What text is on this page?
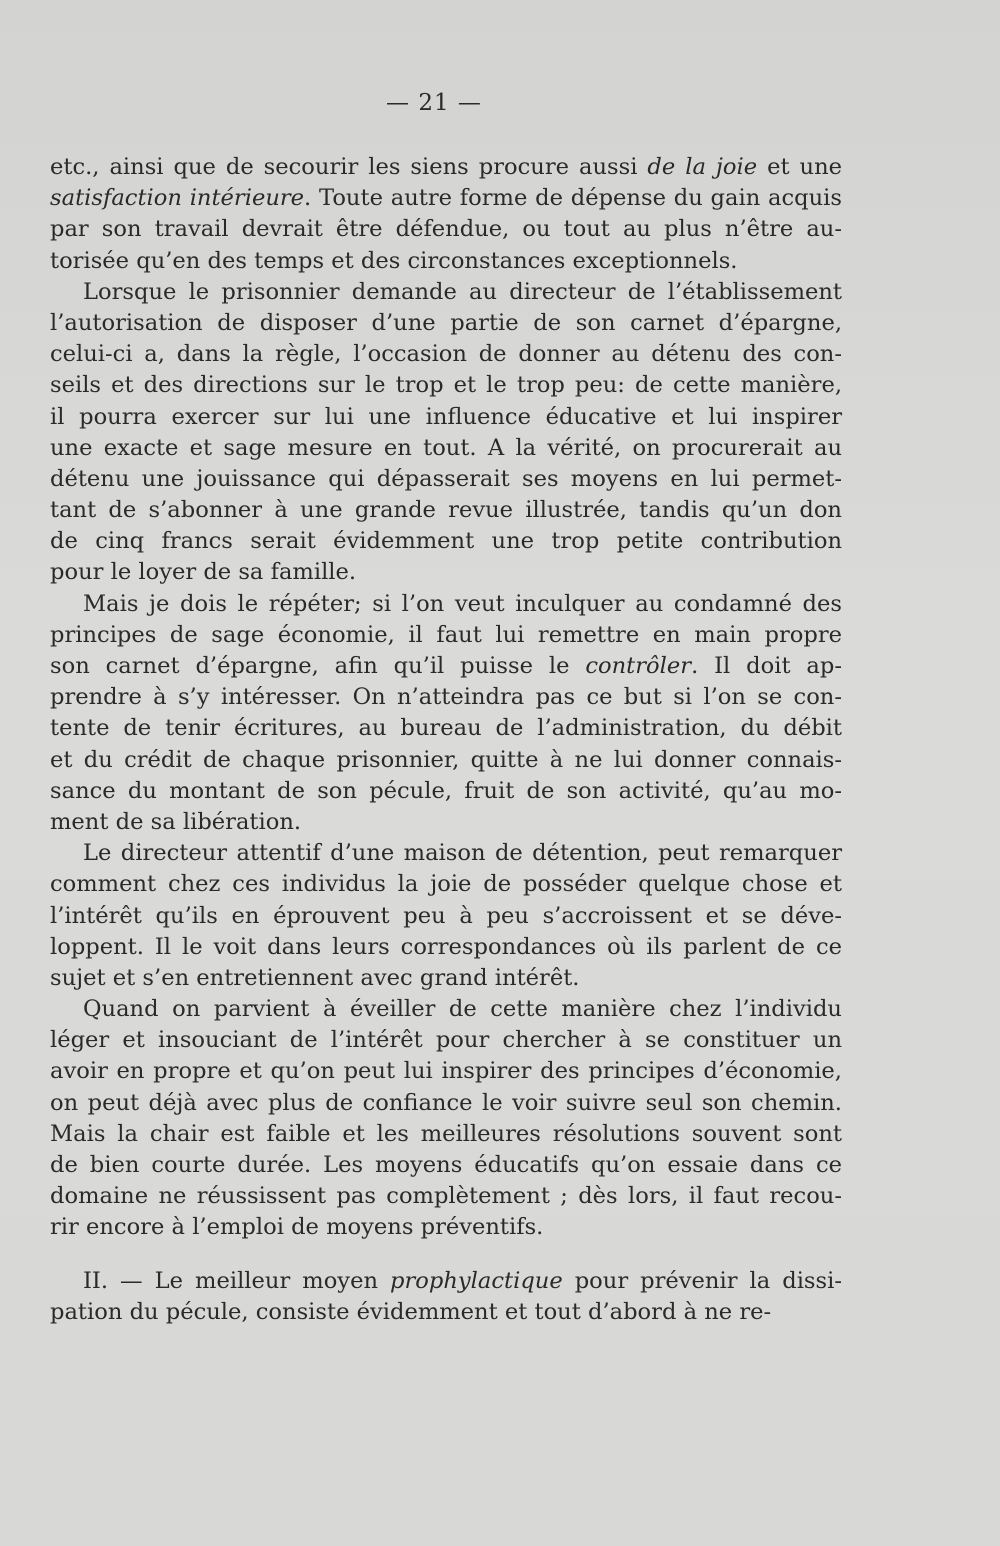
— 21 —
etc., ainsi que de secourir les siens procure aussi de la joie et une
satisfaction intérieure. Toute autre forme de dépense du gain acquis
par son travail devrait être défendue, ou tout au plus n’être au-
torisée qu’en des temps et des circonstances exceptionnels.
Lorsque le prisonnier demande au directeur de l’établissement
l’autorisation de disposer d’une partie de son carnet d’épargne,
celui-ci a, dans la règle, l’occasion de donner au détenu des con-
seils et des directions sur le trop et le trop peu: de cette manière,
il pourra exercer sur lui une influence éducative et lui inspirer
une exacte et sage mesure en tout. A la vérité, on procurerait au
détenu une jouissance qui dépasserait ses moyens en lui permet-
tant de s’abonner à une grande revue illustrée, tandis qu’un don
de cinq francs serait évidemment une trop petite contribution
pour le loyer de sa famille.
Mais je dois le répéter; si l’on veut inculquer au condamné des
principes de sage économie, il faut lui remettre en main propre
son carnet d’épargne, afin qu’il puisse le contrôler. Il doit ap-
prendre à s’y intéresser. On n’atteindra pas ce but si l’on se con-
tente de tenir écritures, au bureau de l’administration, du débit
et du crédit de chaque prisonnier, quitte à ne lui donner connais-
sance du montant de son pécule, fruit de son activité, qu’au mo-
ment de sa libération.
Le directeur attentif d’une maison de détention, peut remarquer
comment chez ces individus la joie de posséder quelque chose et
l’intérêt qu’ils en éprouvent peu à peu s’accroissent et se déve-
loppent. Il le voit dans leurs correspondances où ils parlent de ce
sujet et s’en entretiennent avec grand intérêt.
Quand on parvient à éveiller de cette manière chez l’individu
léger et insouciant de l’intérêt pour chercher à se constituer un
avoir en propre et qu’on peut lui inspirer des principes d’économie,
on peut déjà avec plus de confiance le voir suivre seul son chemin.
Mais la chair est faible et les meilleures résolutions souvent sont
de bien courte durée. Les moyens éducatifs qu’on essaie dans ce
domaine ne réussissent pas complètement ; dès lors, il faut recou-
rir encore à l’emploi de moyens préventifs.
II. — Le meilleur moyen prophylactique pour prévenir la dissi-
pation du pécule, consiste évidemment et tout d’abord à ne re-
